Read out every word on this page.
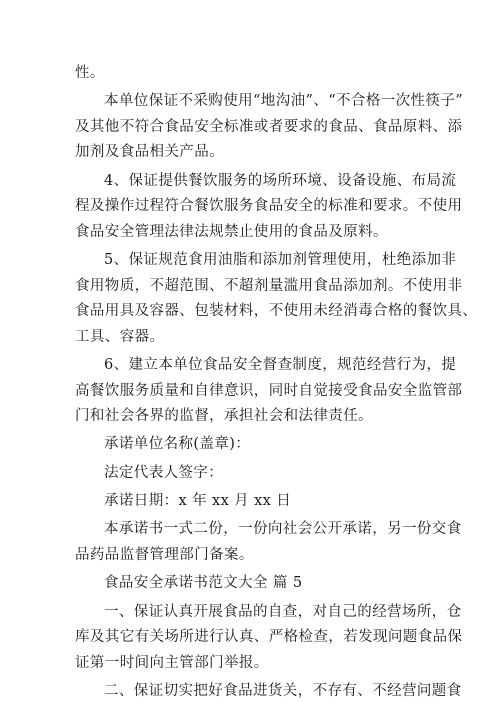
性。
本单位保证不采购使用“地沟油”、“不合格一次性筷子”
及其他不符合食品安全标准或者要求的食品、食品原料、添
加剂及食品相关产品。
4、保证提供餐饮服务的场所环境、设备设施、布局流
程及操作过程符合餐饮服务食品安全的标准和要求。不使用
食品安全管理法律法规禁止使用的食品及原料。
5、保证规范食用油脂和添加剂管理使用，杜绝添加非
食用物质，不超范围、不超剂量滥用食品添加剂。不使用非
食品用具及容器、包装材料，不使用未经消毒合格的餐饮具、
工具、容器。
6、建立本单位食品安全督查制度，规范经营行为，提
高餐饮服务质量和自律意识，同时自觉接受食品安全监管部
门和社会各界的监督，承担社会和法律责任。
承诺单位名称(盖章)：
法定代表人签字：
承诺日期：x 年 xx 月 xx 日
本承诺书一式二份，一份向社会公开承诺，另一份交食
品药品监督管理部门备案。
食品安全承诺书范文大全 篇 5
一、保证认真开展食品的自查，对自己的经营场所，仓
库及其它有关场所进行认真、严格检查，若发现问题食品保
证第一时间向主管部门举报。
二、保证切实把好食品进货关，不存有、不经营问题食
